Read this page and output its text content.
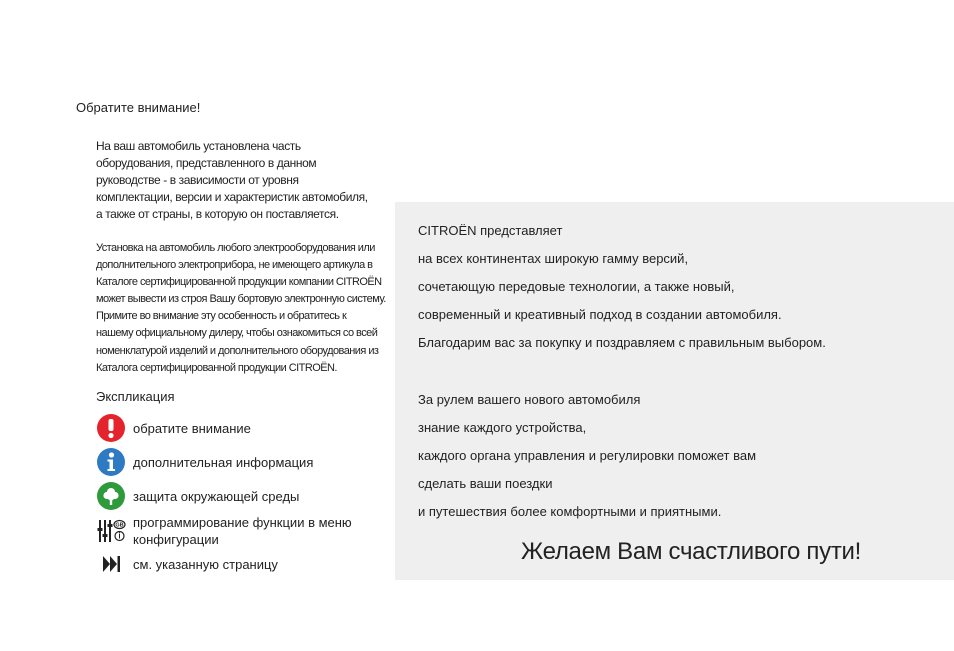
Обратите внимание!

На ваш автомобиль установлена часть
оборудования, представленного в данном
руководстве - в зависимости от уровня
комплектации, версии и характеристик автомобиля,
а также от страны, в которую он поставляется.

Установка на автомобиль любого электрооборудования или
дополнительного электроприбора, не имеющего артикула в
Каталоге сертифицированной продукции компании CITROËN
может вывести из строя Вашу бортовую электронную систему.
Примите во внимание эту особенность и обратитесь к
нашему официальному дилеру, чтобы ознакомиться со всей
номенклатурой изделий и дополнительного оборудования из
Каталога сертифицированной продукции CITROËN.

Экспликация
обратите внимание
дополнительная информация
защита окружающей среды
GB программирование функции в меню
конфигурации
см. указанную страницу
CITROËN представляет
на всех континентах широкую гамму версий,
сочетающую передовые технологии, а также новый,
современный и креативный подход в создании автомобиля.
Благодарим вас за покупку и поздравляем с правильным выбором.
За рулем вашего нового автомобиля
знание каждого устройства,
каждого органа управления и регулировки поможет вам
сделать ваши поездки
и путешествия более комфортными и приятными.
Желаем Вам счастливого пути!
